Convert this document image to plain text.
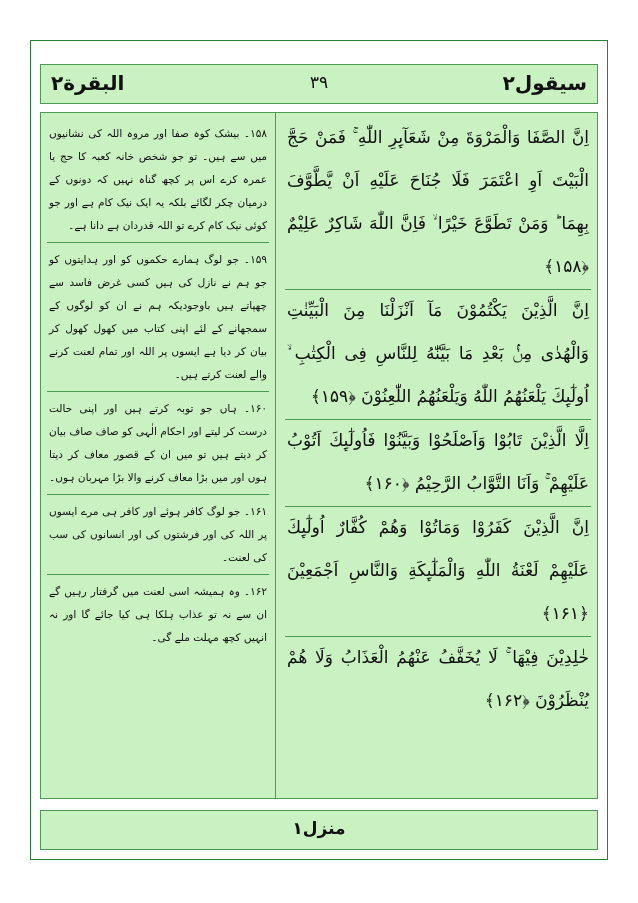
سیقول۲
۳۹
البقرة۲
اِنَّ الصَّفَا وَالْمَرْوَةَ مِنْ شَعَآىِٕرِ اللّٰهِ ۚ فَمَنْ حَجَّ الْبَيْتَ اَوِ اعْتَمَرَ فَلَا جُنَاحَ عَلَيْهِ اَنْ يَّطَّوَّفَ بِهِمَا ؕ وَمَنْ تَطَوَّعَ خَيْرًا ۙ فَاِنَّ اللّٰهَ شَاكِرٌ عَلِيْمٌ ﴿۱۵۸﴾
اِنَّ الَّذِيْنَ يَكْتُمُوْنَ مَآ اَنْزَلْنَا مِنَ الْبَيِّنٰتِ وَالْهُدٰى مِنْۢ بَعْدِ مَا بَيَّنّٰهُ لِلنَّاسِ فِى الْكِتٰبِ ۙ اُولٰٓىِٕكَ يَلْعَنُهُمُ اللّٰهُ وَيَلْعَنُهُمُ اللّٰعِنُوْنَ ﴿۱۵۹﴾
اِلَّا الَّذِيْنَ تَابُوْا وَاَصْلَحُوْا وَبَيَّنُوْا فَاُولٰٓىِٕكَ اَتُوْبُ عَلَيْهِمْ ۚ وَاَنَا التَّوَّابُ الرَّحِيْمُ ﴿۱۶۰﴾
اِنَّ الَّذِيْنَ كَفَرُوْا وَمَاتُوْا وَهُمْ كُفَّارٌ اُولٰٓىِٕكَ عَلَيْهِمْ لَعْنَةُ اللّٰهِ وَالْمَلٰٓىِٕكَةِ وَالنَّاسِ اَجْمَعِيْنَ ﴿۱۶۱﴾
خٰلِدِيْنَ فِيْهَا ۚ لَا يُخَفَّفُ عَنْهُمُ الْعَذَابُ وَلَا هُمْ يُنْظَرُوْنَ ﴿۱۶۲﴾
۱۵۸۔ بیشک کوہ صفا اور مروہ اللہ کی نشانیوں میں سے ہیں۔ تو جو شخص خانہ کعبہ کا حج یا عمرہ کرے اس پر کچھ گناہ نہیں کہ دونوں کے درمیان چکر لگائے بلکہ یہ ایک نیک کام ہے اور جو کوئی نیک کام کرے تو اللہ قدردان ہے دانا ہے۔
۱۵۹۔ جو لوگ ہمارے حکموں کو اور ہدایتوں کو جو ہم نے نازل کی ہیں کسی غرض فاسد سے چھپاتے ہیں باوجودیکہ ہم نے ان کو لوگوں کے سمجھانے کے لئے اپنی کتاب میں کھول کھول کر بیان کر دیا ہے ایسوں پر اللہ اور تمام لعنت کرنے والے لعنت کرتے ہیں۔
۱۶۰۔ ہاں جو توبہ کرتے ہیں اور اپنی حالت درست کر لیتے اور احکام الٰہی کو صاف صاف بیان کر دیتے ہیں تو میں ان کے قصور معاف کر دیتا ہوں اور میں بڑا معاف کرنے والا بڑا مہربان ہوں۔
۱۶۱۔ جو لوگ کافر ہوئے اور کافر ہی مرے ایسوں پر اللہ کی اور فرشتوں کی اور انسانوں کی سب کی لعنت۔
۱۶۲۔ وہ ہمیشہ اسی لعنت میں گرفتار رہیں گے ان سے نہ تو عذاب ہلکا ہی کیا جائے گا اور نہ انہیں کچھ مہلت ملے گی۔
منزل۱
